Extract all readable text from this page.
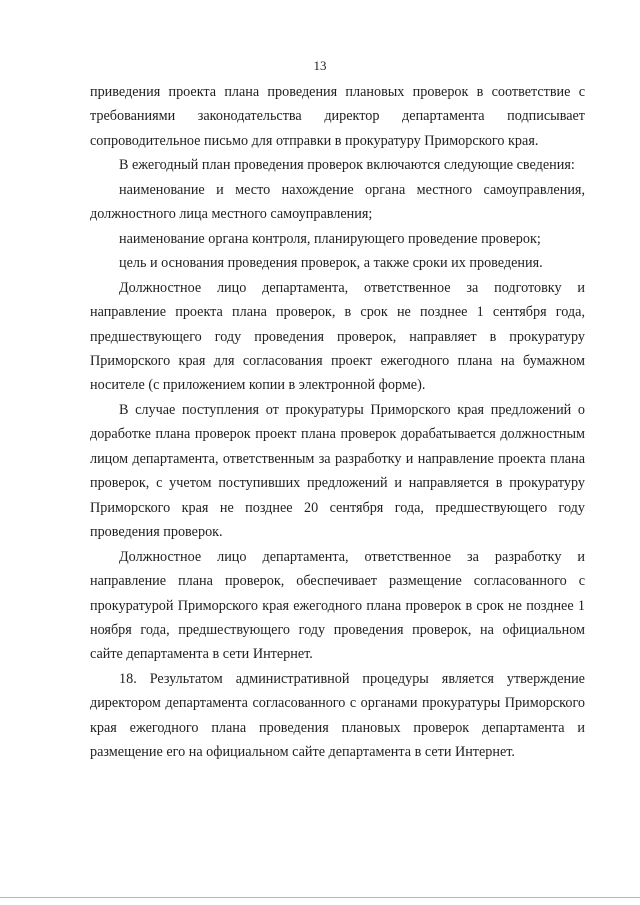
13

приведения проекта плана проведения плановых проверок в соответствие с требованиями законодательства директор департамента подписывает сопроводительное письмо для отправки в прокуратуру Приморского края.

В ежегодный план проведения проверок включаются следующие сведения:

наименование и место нахождение органа местного самоуправления, должностного лица местного самоуправления;

наименование органа контроля, планирующего проведение проверок;

цель и основания проведения проверок, а также сроки их проведения.

Должностное лицо департамента, ответственное за подготовку и направление проекта плана проверок, в срок не позднее 1 сентября года, предшествующего году проведения проверок, направляет в прокуратуру Приморского края для согласования проект ежегодного плана на бумажном носителе (с приложением копии в электронной форме).

В случае поступления от прокуратуры Приморского края предложений о доработке плана проверок проект плана проверок дорабатывается должностным лицом департамента, ответственным за разработку и направление проекта плана проверок, с учетом поступивших предложений и направляется в прокуратуру Приморского края не позднее 20 сентября года, предшествующего году проведения проверок.

Должностное лицо департамента, ответственное за разработку и направление плана проверок, обеспечивает размещение согласованного с прокуратурой Приморского края ежегодного плана проверок в срок не позднее 1 ноября года, предшествующего году проведения проверок, на официальном сайте департамента в сети Интернет.

18. Результатом административной процедуры является утверждение директором департамента согласованного с органами прокуратуры Приморского края ежегодного плана проведения плановых проверок департамента и размещение его на официальном сайте департамента в сети Интернет.
